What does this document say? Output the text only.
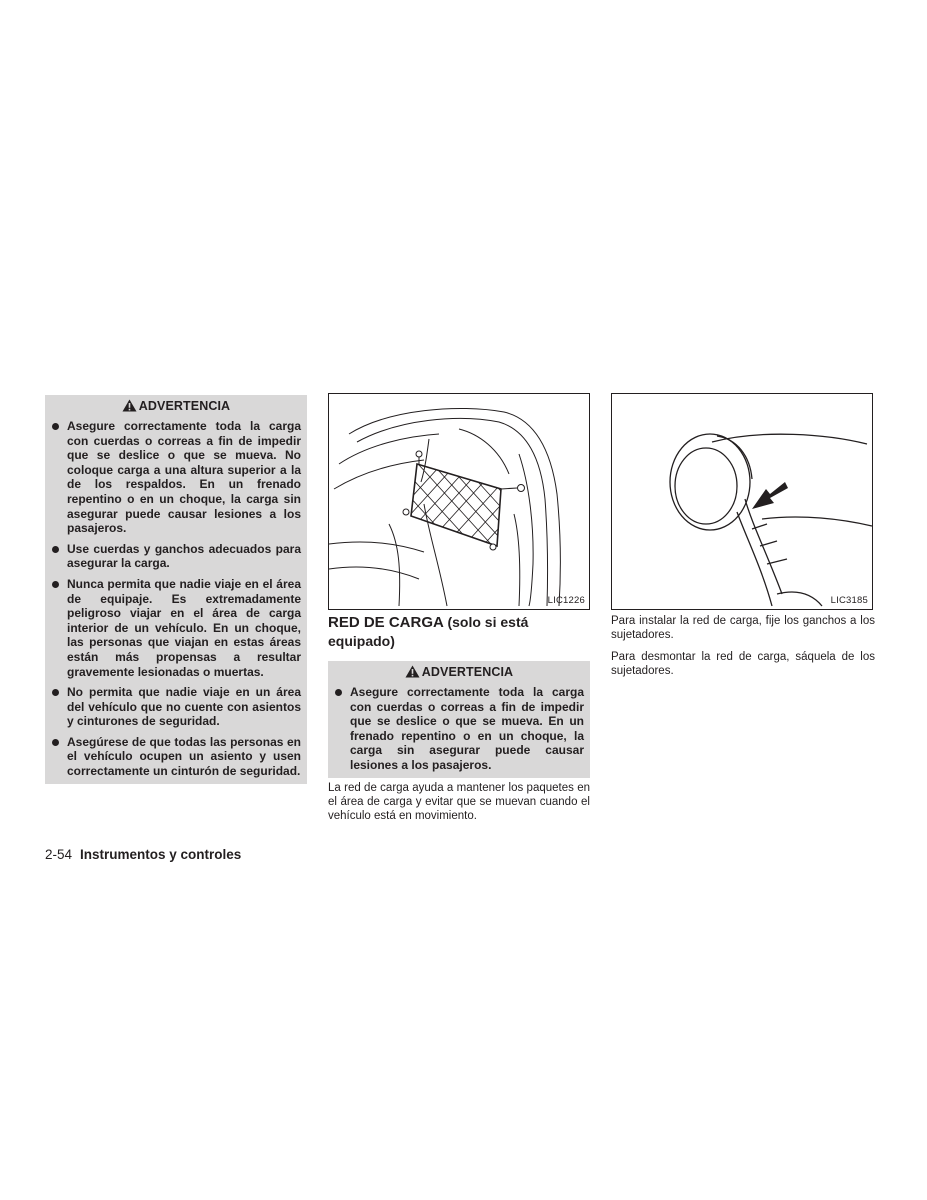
ADVERTENCIA
Asegure correctamente toda la carga con cuerdas o correas a fin de impedir que se deslice o que se mueva. No coloque carga a una altura superior a la de los respaldos. En un frenado repentino o en un choque, la carga sin asegurar puede causar lesiones a los pasajeros.
Use cuerdas y ganchos adecuados para asegurar la carga.
Nunca permita que nadie viaje en el área de equipaje. Es extremadamente peligroso viajar en el área de carga interior de un vehículo. En un choque, las personas que viajan en estas áreas están más propensas a resultar gravemente lesionadas o muertas.
No permita que nadie viaje en un área del vehículo que no cuente con asientos y cinturones de seguridad.
Asegúrese de que todas las personas en el vehículo ocupen un asiento y usen correctamente un cinturón de seguridad.
LIC1226
RED DE CARGA (solo si está equipado)
ADVERTENCIA
Asegure correctamente toda la carga con cuerdas o correas a fin de impedir que se deslice o que se mueva. En un frenado repentino o en un choque, la carga sin asegurar puede causar lesiones a los pasajeros.

La red de carga ayuda a mantener los paquetes en el área de carga y evitar que se muevan cuando el vehículo está en movimiento.

LIC3185

Para instalar la red de carga, fije los ganchos a los sujetadores.

Para desmontar la red de carga, sáquela de los sujetadores.

2-54 Instrumentos y controles
